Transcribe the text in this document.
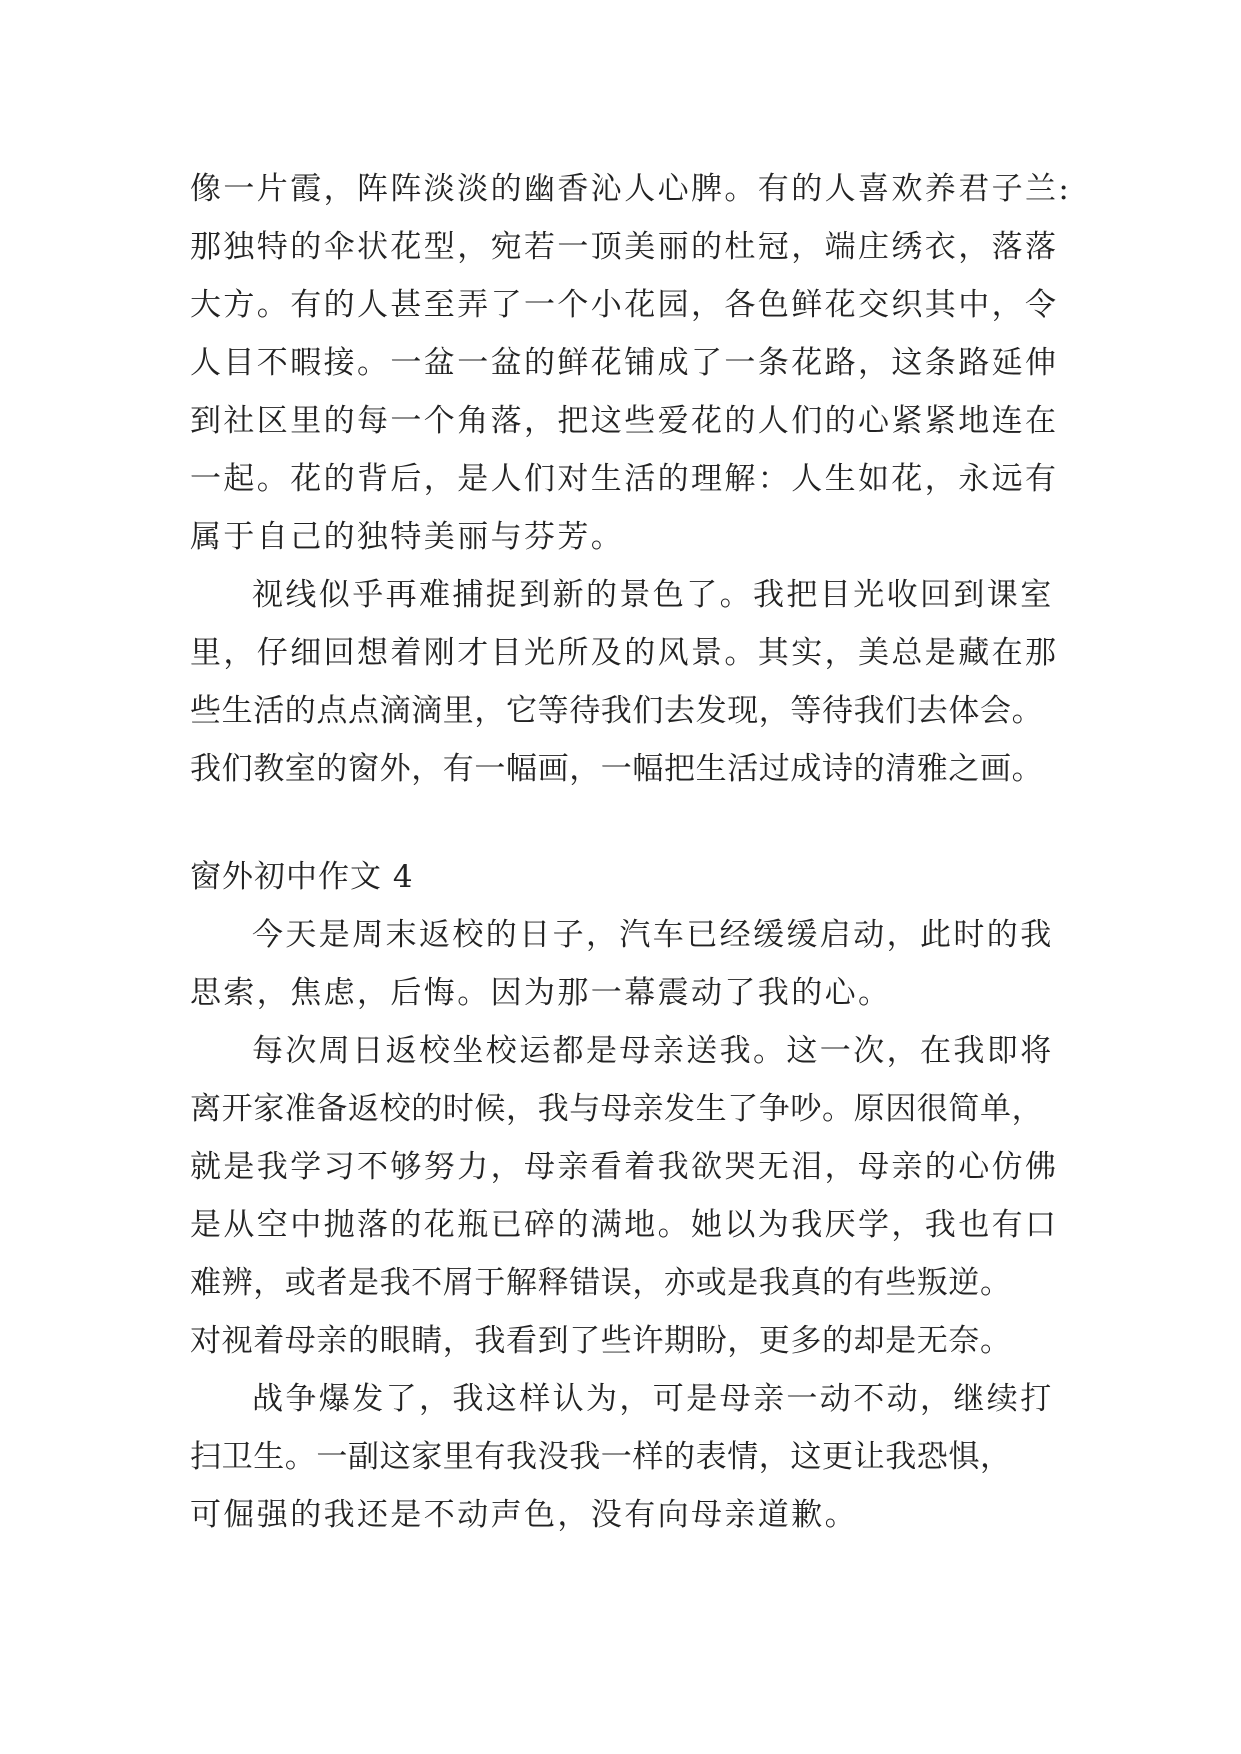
像一片霞，阵阵淡淡的幽香沁人心脾。有的人喜欢养君子兰:
那独特的伞状花型，宛若一顶美丽的杜冠，端庄绣衣，落落
大方。有的人甚至弄了一个小花园，各色鲜花交织其中，令
人目不暇接。一盆一盆的鲜花铺成了一条花路，这条路延伸
到社区里的每一个角落，把这些爱花的人们的心紧紧地连在
一起。花的背后，是人们对生活的理解：人生如花，永远有
属于自己的独特美丽与芬芳。
视线似乎再难捕捉到新的景色了。我把目光收回到课室
里，仔细回想着刚才目光所及的风景。其实，美总是藏在那
些生活的点点滴滴里，它等待我们去发现，等待我们去体会。
我们教室的窗外，有一幅画，一幅把生活过成诗的清雅之画。
窗外初中作文 4
今天是周末返校的日子，汽车已经缓缓启动，此时的我
思索，焦虑，后悔。因为那一幕震动了我的心。
每次周日返校坐校运都是母亲送我。这一次，在我即将
离开家准备返校的时候，我与母亲发生了争吵。原因很简单，
就是我学习不够努力，母亲看着我欲哭无泪，母亲的心仿佛
是从空中抛落的花瓶已碎的满地。她以为我厌学，我也有口
难辨，或者是我不屑于解释错误，亦或是我真的有些叛逆。
对视着母亲的眼睛，我看到了些许期盼，更多的却是无奈。
战争爆发了，我这样认为，可是母亲一动不动，继续打
扫卫生。一副这家里有我没我一样的表情，这更让我恐惧，
可倔强的我还是不动声色，没有向母亲道歉。
